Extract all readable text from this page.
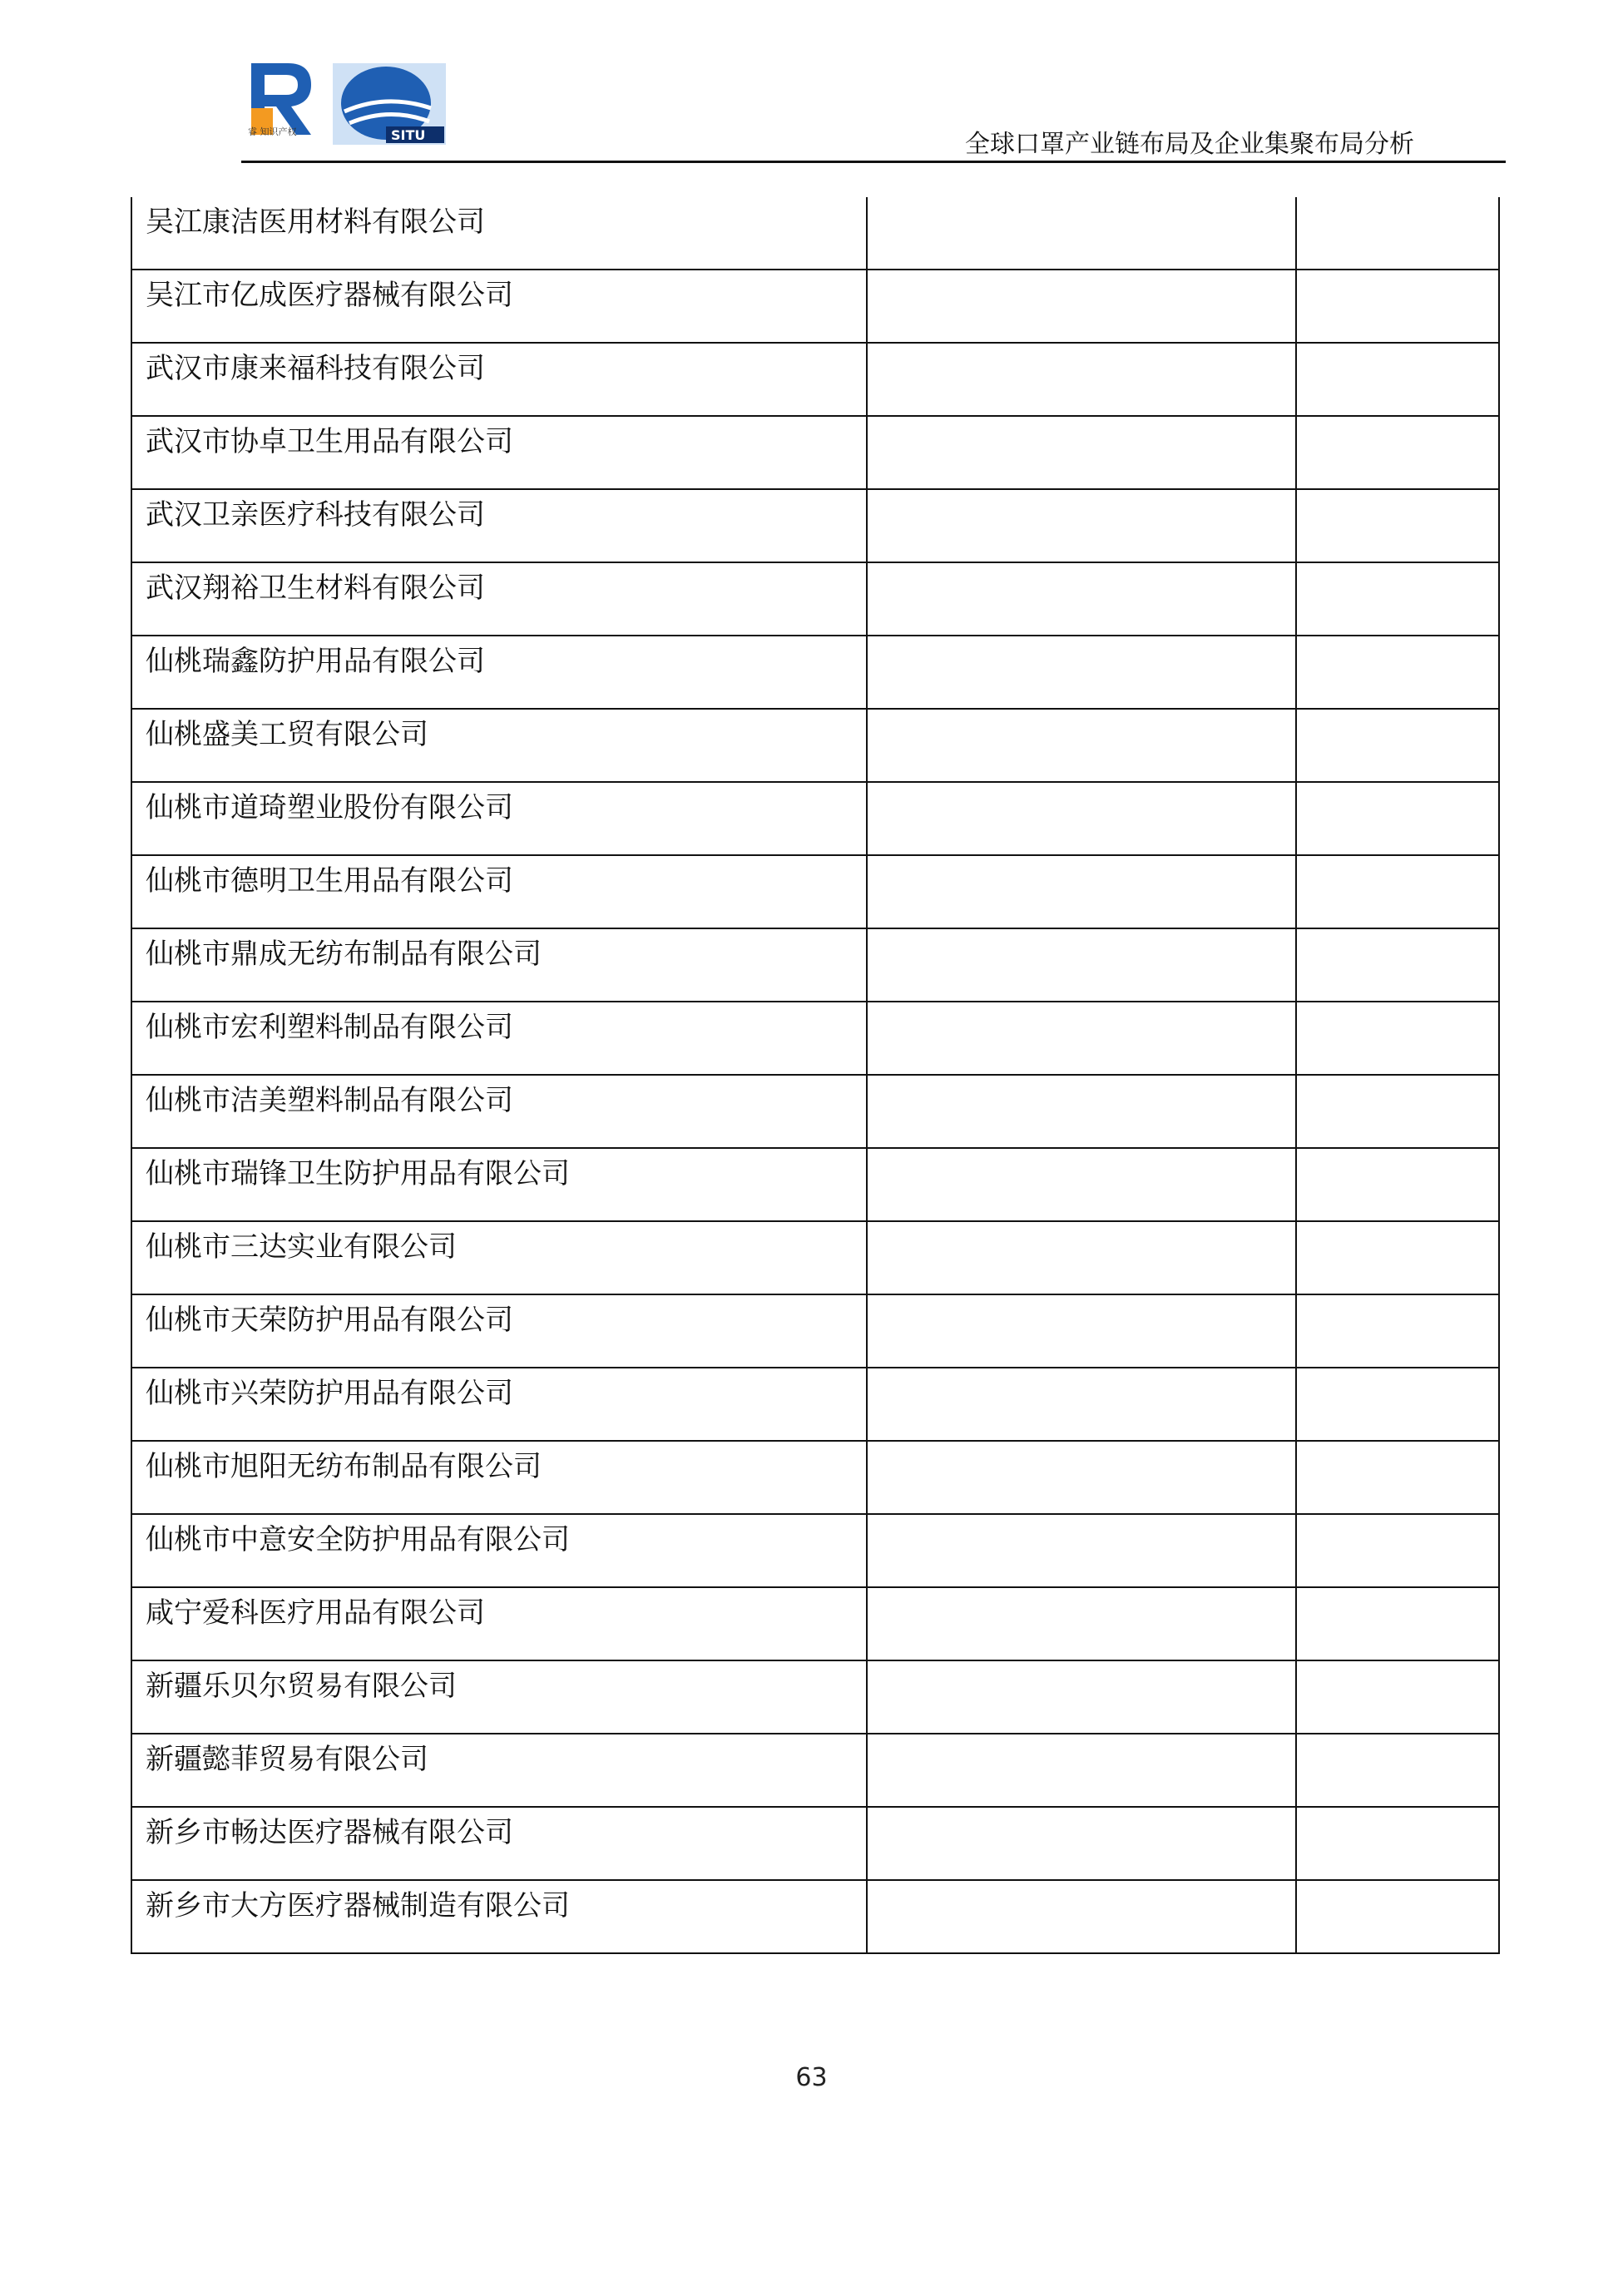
睿 知识产权	SITU	全球口罩产业链布局及企业集聚布局分析
吴江康洁医用材料有限公司		

吴江市亿成医疗器械有限公司		

武汉市康来福科技有限公司		

武汉市协卓卫生用品有限公司		

武汉卫亲医疗科技有限公司		

武汉翔裕卫生材料有限公司		

仙桃瑞鑫防护用品有限公司		

仙桃盛美工贸有限公司		

仙桃市道琦塑业股份有限公司		

仙桃市德明卫生用品有限公司		

仙桃市鼎成无纺布制品有限公司		

仙桃市宏利塑料制品有限公司		

仙桃市洁美塑料制品有限公司		

仙桃市瑞锋卫生防护用品有限公司		

仙桃市三达实业有限公司		

仙桃市天荣防护用品有限公司		

仙桃市兴荣防护用品有限公司		

仙桃市旭阳无纺布制品有限公司		

仙桃市中意安全防护用品有限公司		

咸宁爱科医疗用品有限公司		

新疆乐贝尔贸易有限公司		

新疆懿菲贸易有限公司		

新乡市畅达医疗器械有限公司		

新乡市大方医疗器械制造有限公司		

63
